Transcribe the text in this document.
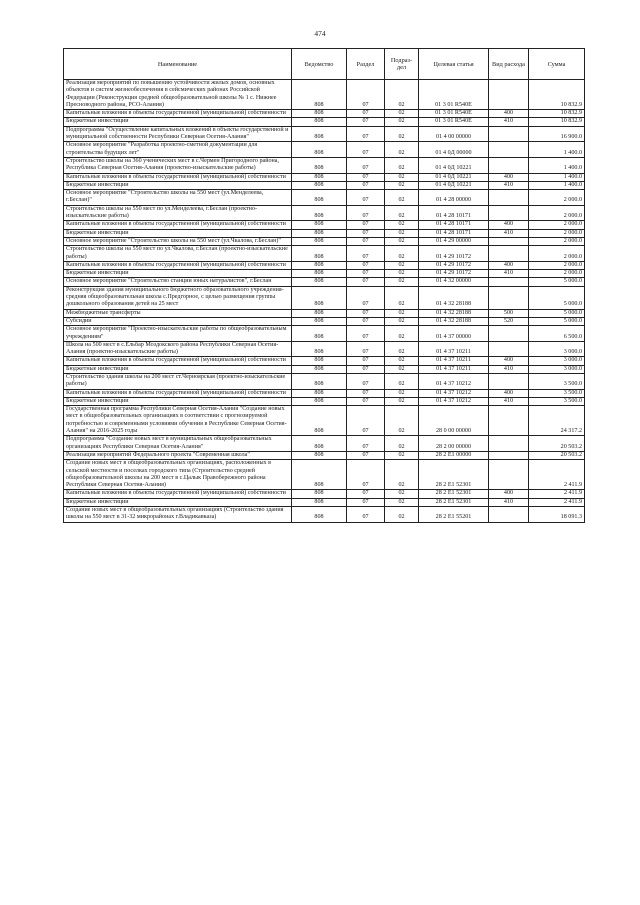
474
Наименование	Ведомство	Раздел	Подраз-дел	Целевая статья	Вид расхода	Сумма
Реализация мероприятий по повышению устойчивости жилых домов, основных объектов и систем жизнеобеспечения в сейсмических районах Российской Федерации (Реконструкция средней общеобразовательной школы № 1 с. Нижнее Пресноводного района, РСО-Алания)	808	07	02	01 3 01 R540E		10 832.9
Капитальные вложения в объекты государственной (муниципальной) собственности	808	07	02	01 3 01 R540E	400	10 832.9
Бюджетные инвестиции	808	07	02	01 3 01 R540E	410	10 832.9
Подпрограмма "Осуществление капитальных вложений в объекты государственной и муниципальной собственности Республики Северная Осетия-Алания"	808	07	02	01 4 00 00000		16 900.0
Основное мероприятие "Разработка проектно-сметной документации для строительства будущих лет"	808	07	02	01 4 0Д 00000		1 400.0
Строительство школы на 360 ученических мест в с.Чермен Пригородного района, Республика Северная Осетия-Алания (проектно-изыскательские работы)	808	07	02	01 4 0Д 10221		1 400.0
Капитальные вложения в объекты государственной (муниципальной) собственности	808	07	02	01 4 0Д 10221	400	1 400.0
Бюджетные инвестиции	808	07	02	01 4 0Д 10221	410	1 400.0
Основное мероприятие "Строительство школы на 550 мест (ул.Менделеева, г.Беслан)"	808	07	02	01 4 28 00000		2 000.0
Строительство школы на 550 мест по ул.Менделеева, г.Беслан (проектно-изыскательские работы)	808	07	02	01 4 28 10171		2 000.0
Капитальные вложения в объекты государственной (муниципальной) собственности	808	07	02	01 4 28 10171	400	2 000.0
Бюджетные инвестиции	808	07	02	01 4 28 10171	410	2 000.0
Основное мероприятие "Строительство школы на 550 мест (ул.Чкалова, г.Беслан)"	808	07	02	01 4 29 00000		2 000.0
Строительство школы на 550 мест по ул.Чкалова, г.Беслан (проектно-изыскательские работы)	808	07	02	01 4 29 10172		2 000.0
Капитальные вложения в объекты государственной (муниципальной) собственности	808	07	02	01 4 29 10172	400	2 000.0
Бюджетные инвестиции	808	07	02	01 4 29 10172	410	2 000.0
Основное мероприятие "Строительство станции юных натуралистов", г.Беслан	808	07	02	01 4 32 00000		5 000.0
Реконструкция здания муниципального бюджетного образовательного учреждения-средняя общеобразовательная школа с.Предгорное, с целью размещения группы дошкольного образования детей на 25 мест	808	07	02	01 4 32 28188		5 000.0
Межбюджетные трансферты	808	07	02	01 4 32 28188	500	5 000.0
Субсидии	808	07	02	01 4 32 28188	520	5 000.0
Основное мероприятие "Проектно-изыскательские работы по общеобразовательным учреждениям"	808	07	02	01 4 37 00000		6 500.0
Школа на 500 мест в с.Ельбар Моздокского района Республики Северная Осетия-Алания (проектно-изыскательские работы)	808	07	02	01 4 37 10211		3 000.0
Капитальные вложения в объекты государственной (муниципальной) собственности	808	07	02	01 4 37 10211	400	3 000.0
Бюджетные инвестиции	808	07	02	01 4 37 10211	410	3 000.0
Строительство здания школы на 200 мест ст.Черноярская (проектно-изыскательские работы)	808	07	02	01 4 37 10212		3 500.0
Капитальные вложения в объекты государственной (муниципальной) собственности	808	07	02	01 4 37 10212	400	3 500.0
Бюджетные инвестиции	808	07	02	01 4 37 10212	410	3 500.0
Государственная программа Республики Северная Осетия-Алания "Создание новых мест в общеобразовательных организациях в соответствии с прогнозируемой потребностью и современными условиями обучения в Республике Северная Осетия-Алания" на 2016-2025 годы	808	07	02	28 0 00 00000		24 317.2
Подпрограмма "Создание новых мест в муниципальных общеобразовательных организациях Республики Северная Осетия-Алания"	808	07	02	28 2 00 00000		20 503.2
Реализация мероприятий Федерального проекта "Современная школа"	808	07	02	28 2 E1 00000		20 503.2
Создание новых мест в общеобразовательных организациях, расположенных в сельской местности и поселках городского типа (Строительство средней общеобразовательной школы на 200 мест в с.Цалык Правобережного района Республики Северная Осетия-Алания)	808	07	02	28 2 E1 52301		2 411.9
Капитальные вложения в объекты государственной (муниципальной) собственности	808	07	02	28 2 E1 52301	400	2 411.9
Бюджетные инвестиции	808	07	02	28 2 E1 52301	410	2 411.9
Создание новых мест в общеобразовательных организациях (Строительство здания школы на 550 мест в 31-32 микрорайонах г.Владикавказа)	808	07	02	28 2 E1 55201		18 091.3
